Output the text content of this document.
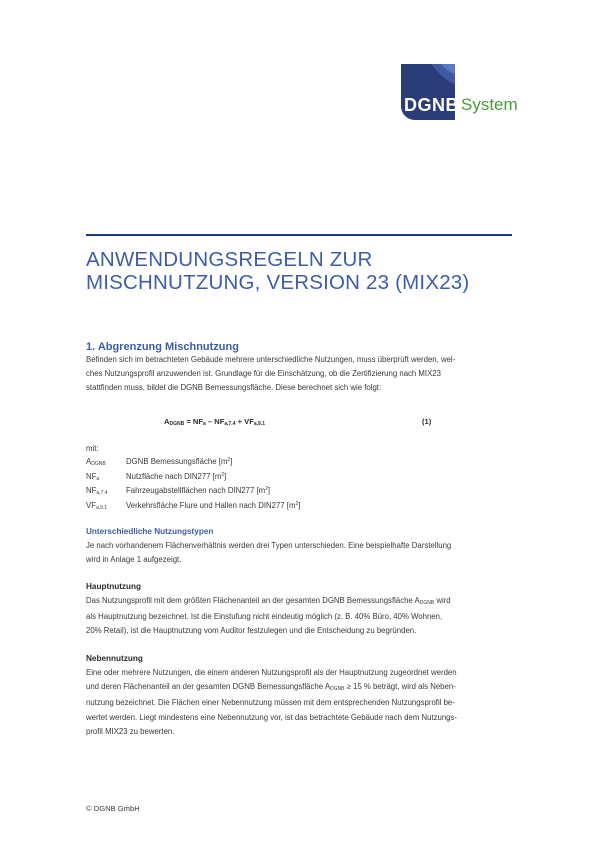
DGNB System
ANWENDUNGSREGELN ZUR
MISCHNUTZUNG, VERSION 23 (MIX23)
1. Abgrenzung Mischnutzung
Befinden sich im betrachteten Gebäude mehrere unterschiedliche Nutzungen, muss überprüft werden, wel-
ches Nutzungsprofil anzuwenden ist. Grundlage für die Einschätzung, ob die Zertifizierung nach MIX23
stattfinden muss, bildet die DGNB Bemessungsfläche. Diese berechnet sich wie folgt:
$A_{DGNB} = NF_a - NF_{a,7.4} + VF_{a,9.1}$	(1)
mit:
$A_{DGNB}$	DGNB Bemessungsfläche $[m^2]$
$NF_a$	Nutzfläche nach DIN277 $[m^2]$
$NF_{a,7.4}$ Fahrzeugabstellflächen nach DIN277 $[m^2]$
$VF_{a,9.1}$ Verkehrsfläche Flure und Hallen nach DIN277 $[m^2]$
Unterschiedliche Nutzungstypen
Je nach vorhandenem Flächenverhältnis werden drei Typen unterschieden. Eine beispielhafte Darstellung
wird in Anlage 1 aufgezeigt.
Hauptnutzung
Das Nutzungsprofil mit dem größten Flächenanteil an der gesamten DGNB Bemessungsfläche ADGNB wird
als Hauptnutzung bezeichnet. Ist die Einstufung nicht eindeutig möglich (z. B. 40% Büro, 40% Wohnen,
20% Retail), ist die Hauptnutzung vom Auditor festzulegen und die Entscheidung zu begründen.
Nebennutzung
Eine oder mehrere Nutzungen, die einem anderen Nutzungsprofil als der Hauptnutzung zugeordnet werden
und deren Flächenanteil an der gesamten DGNB Bemessungsfläche ADGNB ≥ 15 % beträgt, wird als Neben-
nutzung bezeichnet. Die Flächen einer Nebennutzung müssen mit dem entsprechenden Nutzungsprofil be-
wertet werden. Liegt mindestens eine Nebennutzung vor, ist das betrachtete Gebäude nach dem Nutzungs-
profil MIX23 zu bewerten.
© DGNB GmbH
